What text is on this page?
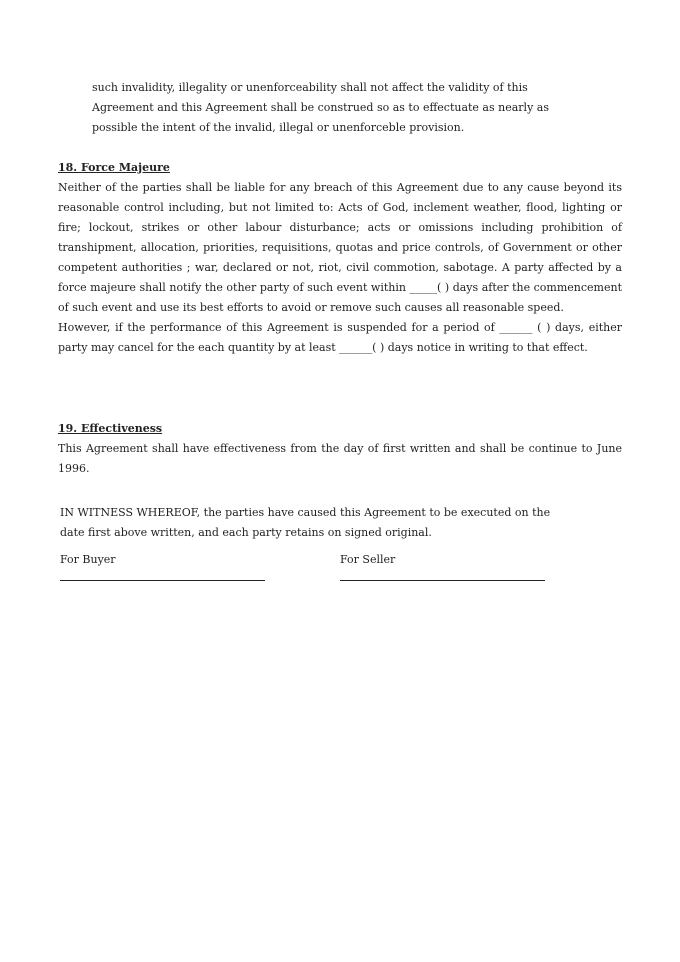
such invalidity, illegality or unenforceability shall not affect the validity of this

Agreement and this Agreement shall be construed so as to effectuate as nearly as

possible the intent of the invalid, illegal or unenforceble provision.

18. Force Majeure

Neither of the parties shall be liable for any breach of this Agreement due to any cause beyond its reasonable control including, but not limited to: Acts of God, inclement weather, flood, lighting or fire; lockout, strikes or other labour disturbance; acts or omissions including prohibition of transhipment, allocation, priorities, requisitions, quotas and price controls, of Government or other competent authorities ; war, declared or not, riot, civil commotion, sabotage. A party affected by a force majeure shall notify the other party of such event within _____( ) days after the commencement of such event and use its best efforts to avoid or remove such causes all reasonable speed.

However, if the performance of this Agreement is suspended for a period of ______ ( ) days, either party may cancel for the each quantity by at least ______( ) days notice in writing to that effect.

19. Effectiveness

This Agreement shall have effectiveness from the day of first written and shall be continue to June 1996.

IN WITNESS WHEREOF, the parties have caused this Agreement to be executed on the

date first above written, and each party retains on signed original.

For Buyer	For Seller
